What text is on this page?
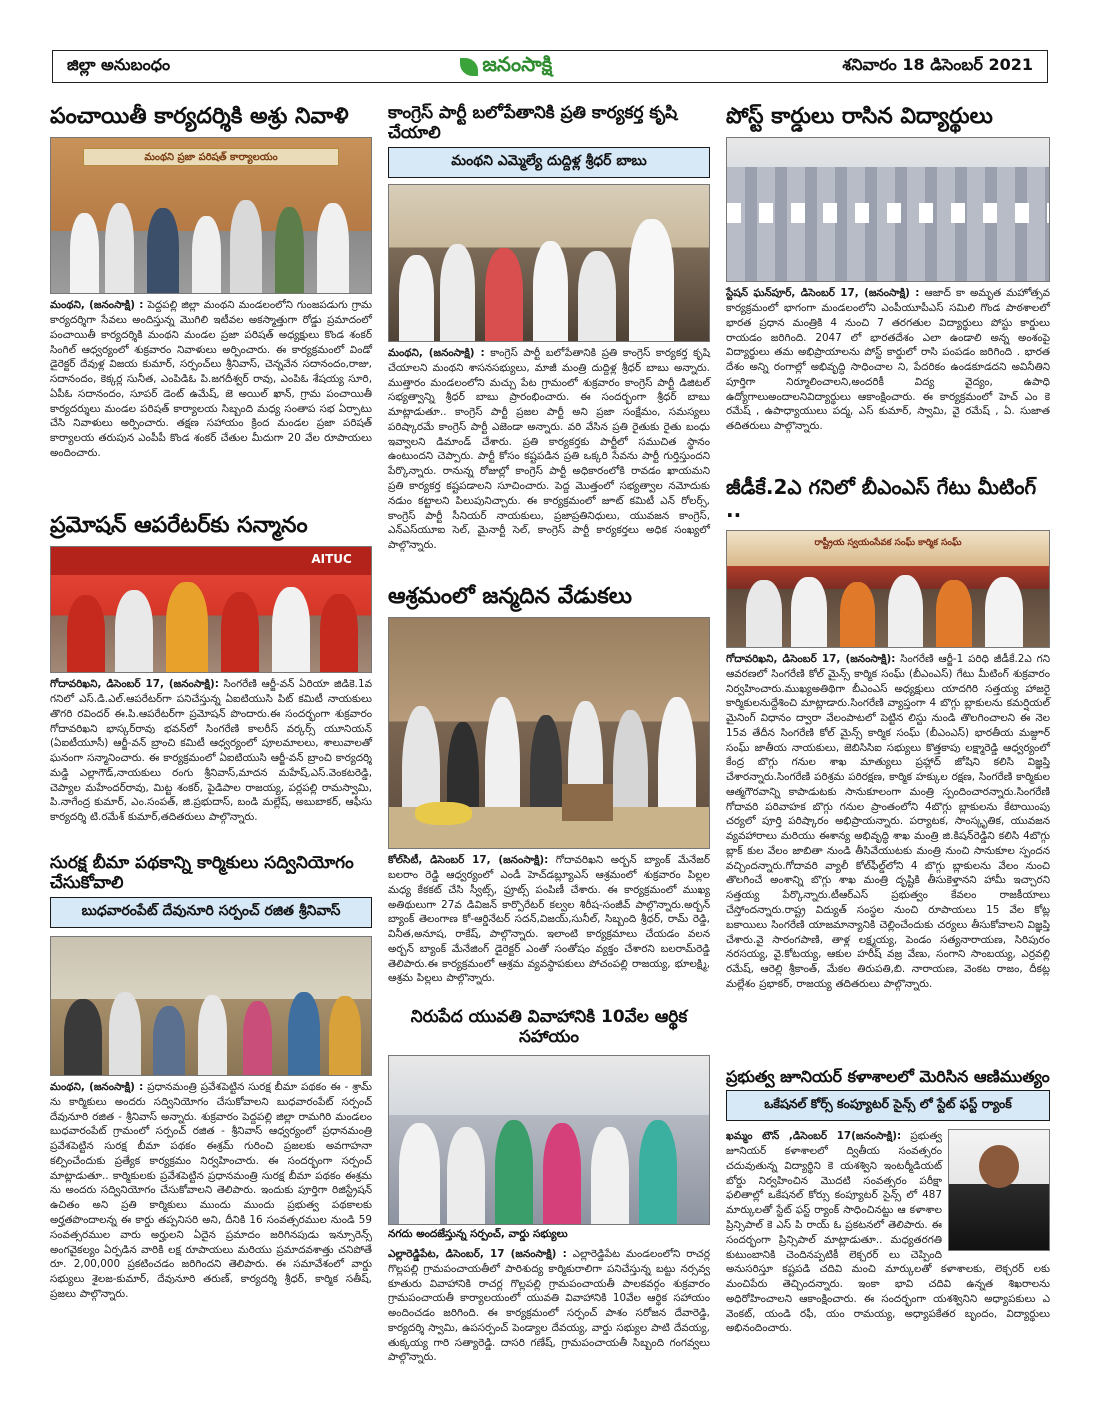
జిల్లా అనుబంధం	జనంసాక్షి	శనివారం 18 డిసెంబర్ 2021
పంచాయితీ కార్యదర్శికి అశ్రు నివాళి
మంథని ప్రజా పరిషత్ కార్యాలయం
మంథని, (జనంసాక్షి) : పెద్దపల్లి జిల్లా మంథని మండలంలోని గుంజపడుగు గ్రామ కార్యదర్శిగా సేవలు అందిస్తున్న మొగిలి ఇటీవల అకస్మాత్తుగా రోడ్డు ప్రమాదంలో పంచాయితీ కార్యదర్శికి మంథని మండల ప్రజా పరిషత్ అధ్యక్షులు కొండ శంకర్ సింగిల్ ఆధ్వర్యంలో శుక్రవారం నివాళులు అర్పించారు. ఈ కార్యక్రమంలో విండో డైరెక్టర్ దేవుళ్ల విజయ కుమార్, సర్పంచ్‌లు శ్రీనివాస్, చెన్నవేన సదానందం,రాజు, సదానందం, కెక్కర్ల సునీత, ఎంపిడిఓ పి.జగదీశ్వర్ రావు, ఎంపిఓ శేషయ్య సూరి, ఏపీఓ సదానందం, సూపర్ డెంట్ ఉమేష్, జె అయిల్ ఖాన్, గ్రామ పంచాయితీ కార్యదర్శులు మండల పరిషత్ కార్యాలయ సిబ్బంది మధ్య సంతాప సభ ఏర్పాటు చేసి నివాళులు అర్పించారు. తక్షణ సహాయం క్రింద మండల ప్రజా పరిషత్ కార్యాలయ తరుపున ఎంపీపీ కొండ శంకర్ చేతుల మీదుగా 20 వేల రూపాయలు అందించారు.
ప్రమోషన్ ఆపరేటర్‌కు సన్మానం
AITUC
గోదావరిఖని, డిసెంబర్ 17, (జనంసాక్షి): సింగరేణి ఆర్జీ-వన్ ఏరియా జిడికె.1వ గనిలో ఎస్.డి.ఎల్.ఆపరేటర్‌గా పనిచేస్తున్న ఏఐటియుసి పిట్ కమిటీ నాయకులు తొగరి రవిందర్ ఈ.పి.ఆపరేటర్‌గా ప్రమోషన్ పొందారు.ఈ సందర్భంగా శుక్రవారం గోదావరిఖని భాస్కర్‌రావు భవన్‌లో సింగరేణి కాలరీస్ వర్కర్స్ యూనియన్ (ఏఐటీయూసీ) ఆర్జీ-వన్ బ్రాంచి కమిటీ ఆధ్వర్యంలో పూలమాలలు, శాలువాలతో ఘనంగా సన్మానించారు. ఈ కార్యక్రమంలో ఏఐటియుసి ఆర్జీ-వన్ బ్రాంచి కార్యదర్శి మడ్డి ఎల్లాగౌడ్,నాయకులు రంగు శ్రీనివాస్,మాదన మహేష్,ఎస్.వెంకటరెడ్డి, చెప్యాల మహేందర్‌రావు, మిట్ట శంకర్, పైడిపాల రాజయ్య, పర్లపల్లి రామస్వామి, పి.నాగేంద్ర కుమార్, ఎం.సంపత్, జి.ప్రభుదాస్, బండి మల్లేష్, అబుబాకర్, ఆఫీసు కార్యదర్శి టి.రమేశ్ కుమార్,తదితరులు పాల్గొన్నారు.
సురక్ష బీమా పథకాన్ని కార్మికులు సద్వినియోగం చేసుకోవాలి
బుధవారంపేట్ దేవునూరి సర్పంచ్ రజిత శ్రీనివాస్
మంథని, (జనంసాక్షి) : ప్రధానమంత్రి ప్రవేశపెట్టిన సురక్ష బీమా పథకం ఈ - శ్రామ్ ను కార్మికులు అందరు సద్వినియోగం చేసుకోవాలని బుధవారంపేట్ సర్పంచ్ దేవునూరి రజిత - శ్రీనివాస్ అన్నారు. శుక్రవారం పెద్దపల్లి జిల్లా రామగిరి మండలం బుధవారంపేట్ గ్రామంలో సర్పంచ్ రజిత - శ్రీనివాస్ ఆధ్వర్యంలో ప్రధానమంత్రి ప్రవేశపెట్టిన సురక్ష బీమా పథకం ఈశ్రమ్ గురించి ప్రజలకు అవగాహనా కల్పించేందుకు ప్రత్యేక కార్యక్రమం నిర్వహించారు. ఈ సందర్భంగా సర్పంచ్ మాట్లాడుతూ.. కార్మికులకు ప్రవేశపెట్టిన ప్రధానమంత్రి సురక్ష బీమా పథకం ఈశ్రమ ను అందరు సద్వినియోగం చేసుకోవాలని తెలిపారు. ఇందుకు పూర్తిగా రిజిస్ట్రేషన్ ఉచితం అని ప్రతి కార్మికులు ముందు ముందు ప్రభుత్వ పథకాలకు అర్హతపొందాలన్న ఈ కార్డు తప్పనిసరి అని, దీనికి 16 సంవత్సరముల నుండి 59 సంవత్సరముల వారు అర్హులని ఏదైన ప్రమాదం జరిగినపుడు ఇన్సూరెన్స్ అంగవైకల్యం ఏర్పడిన వారికి లక్ష రూపాయలు మరియు ప్రమాదవశాత్తు చనిపోతే రూ. 2,00,000 ప్రకటించడం జరిగిందని తెలిపారు. ఈ సమావేశంలో వార్డు సభ్యులు శైలజ-కుమార్, దేవునూరి తరుణ్, కార్యదర్శి శ్రీధర్, కార్మిక సతీష్, ప్రజలు పాల్గొన్నారు.
కాంగ్రెస్ పార్టీ బలోపేతానికి ప్రతి కార్యకర్త కృషి చేయాలి
మంథని ఎమ్మెల్యే దుద్దిళ్ల శ్రీధర్ బాబు
మంథని, (జనంసాక్షి) : కాంగ్రెస్ పార్టీ బలోపేతానికి ప్రతి కాంగ్రెస్ కార్యకర్త కృషి చేయాలని మంథని శాసనసభ్యులు, మాజీ మంత్రి దుద్దిళ్ల శ్రీధర్ బాబు అన్నారు. ముత్తారం మండలంలోని మచ్చు పేట గ్రామంలో శుక్రవారం కాంగ్రెస్ పార్టీ డిజిటల్ సభ్యత్వాన్ని శ్రీధర్ బాబు ప్రారంభించారు. ఈ సందర్భంగా శ్రీధర్ బాబు మాట్లాడుతూ.. కాంగ్రెస్ పార్టీ ప్రజల పార్టీ అని ప్రజా సంక్షేమం, సమస్యలు పరిష్కారమే కాంగ్రెస్ పార్టీ ఎజెండా అన్నారు. వరి వేసిన ప్రతి రైతుకు రైతు బంధు ఇవ్వాలని డిమాండ్ చేశారు. ప్రతి కార్యకర్తకు పార్టీలో సముచిత స్థానం ఉంటుందని చెప్పారు. పార్టీ కోసం కష్టపడిన ప్రతి ఒక్కరి సేవను పార్టీ గుర్తిస్తుందని పేర్కొన్నారు. రానున్న రోజుల్లో కాంగ్రెస్ పార్టీ అధికారంలోకి రావడం ఖాయమని ప్రతి కార్యకర్త కష్టపడాలని సూచించారు. పెద్ద మొత్తంలో సభ్యత్వాల నమోదుకు నడుం కట్టాలని పిలుపునిచ్చారు. ఈ కార్యక్రమంలో జూట్ కమిటీ ఎన్ రోలర్స్, కాంగ్రెస్ పార్టీ సీనియర్ నాయకులు, ప్రజాప్రతినిధులు, యువజన కాంగ్రెస్, ఎన్ఎస్‌యూఐ సెల్, మైనార్టీ సెల్, కాంగ్రెస్ పార్టీ కార్యకర్తలు అధిక సంఖ్యలో పాల్గొన్నారు.
ఆశ్రమంలో జన్మదిన వేడుకలు
కోల్‌సిటీ, డిసెంబర్ 17, (జనంసాక్షి): గోదావరిఖని అర్బన్ బ్యాంక్ మేనేజర్ బలరాం రెడ్డి ఆధ్వర్యంలో ఎండీ హెచ్‌డబ్ల్యూఎస్ ఆశ్రమంలో శుక్రవారం పిల్లల మధ్య కేకకట్ చేసి స్వీట్స్, ఫ్రూట్స్ పంపిణీ చేశారు. ఈ కార్యక్రమంలో ముఖ్య అతిథులుగా 27వ డివిజన్ కార్పొరేటర్ కల్వల శిరీష-సంజీవ్ పాల్గొన్నారు.అర్బన్ బ్యాంక్ తెలంగాణ కో-ఆర్డినేటర్ సదన్,విజయ్,సునీల్, సిబ్బంది శ్రీధర్, రామ్ రెడ్డి, వినీత,అనూష, రాకేష్, పాల్గొన్నారు. ఇలాంటి కార్యక్రమాలు చేయడం వలన అర్బన్ బ్యాంక్ మేనేజింగ్ డైరెక్టర్ ఎంతో సంతోషం వ్యక్తం చేశారని బలరామ్‌రెడ్డి తెలిపారు.ఈ కార్యక్రమంలో ఆశ్రమ వ్యవస్థాపకులు పోచంపల్లి రాజయ్య, భూలక్ష్మి, ఆశ్రమ పిల్లలు పాల్గొన్నారు.
నిరుపేద యువతి వివాహానికి 10వేల ఆర్థిక సహాయం
నగదు అందజేస్తున్న సర్పంచ్, వార్డు సభ్యులు
ఎల్లారెడ్డిపేట, డిసెంబర్, 17 (జనంసాక్షి) : ఎల్లారెడ్డిపేట మండలంలోని రాచర్ల గొల్లపల్లి గ్రామపంచాయతీలో పారిశుద్య కార్మికురాలిగా పనిచేస్తున్న బట్టు నర్సవ్వ కూతురు వివాహానికి రాచర్ల గొల్లపల్లి గ్రామపంచాయతీ పాలకవర్గం శుక్రవారం గ్రామపంచాయతీ కార్యాలయంలో యువతి వివాహానికి 10వేల ఆర్థిక సహాయం అందించడం జరిగింది. ఈ కార్యక్రమంలో సర్పంచ్ పాశం సరోజన దేవారెడ్డి, కార్యదర్శి స్వామి, ఉపసర్పంచ్ పెండ్యాల దేవయ్య, వార్డు సభ్యుల పాటి దేవయ్య, తుక్కయ్య గారి సత్యారెడ్డి. దాసరి గణేష్, గ్రామపంచాయతీ సిబ్బంది గంగవ్వలు పాల్గొన్నారు.
పోస్ట్ కార్డులు రాసిన విద్యార్థులు
స్టేషన్ ఘన్‌పూర్, డిసెంబర్ 17, (జనంసాక్షి) : ఆజాద్ కా అమృత మహోత్సవ కార్యక్రమంలో భాగంగా మండలంలోని ఎంపీయూపీఎస్ సమిలి గొండ పాఠశాలలో భారత ప్రధాన మంత్రికి 4 నుంచి 7 తరగతుల విద్యార్థులు పోస్టు కార్డులు రాయడం జరిగింది. 2047 లో భారతదేశం ఎలా ఉండాలి అన్న అంశంపై విద్యార్థులు తమ అభిప్రాయాలను పోస్ట్ కార్డులో రాసి పంపడం జరిగింది . భారత దేశం అన్ని రంగాల్లో అభివృద్ధి సాధించాల ని, పేదరికం ఉండకూడదని అవినీతిని పూర్తిగా నిర్మూలించాలని,అందరికీ విద్య వైద్యం, ఉపాధి ఉద్యోగాలుఅందాలనివిద్యార్థులు ఆకాంక్షించారు. ఈ కార్యక్రమంలో హెచ్ ఎం కె రమేష్ , ఉపాధ్యాయులు పద్మ, ఎస్ కుమార్, స్వామి, వై రమేష్ , ఏ. సుజాత తదితరులు పాల్గొన్నారు.
జీడీకే.2ఎ గనిలో బీఎంఎస్ గేటు మీటింగ్ ..
రాష్ట్రీయ స్వయంసేవక సంఘ్ కార్మిక సంఘ్
గోదావరిఖని, డిసెంబర్ 17, (జనంసాక్షి): సింగరేణి ఆర్జీ-1 పరిధి జీడీకే.2ఎ గని ఆవరణలో సింగరేణి కోల్ మైన్స్ కార్మిక సంఘ్ (బీఎంఎస్) గేటు మీటింగ్ శుక్రవారం నిర్వహించారు.ముఖ్యఅతిథిగా బీఎంఎస్ అధ్యక్షులు యాదగిరి సత్తయ్య హాజరై కార్మికులనుద్దేశించి మాట్లాడారు.సింగరేణి వ్యాప్తంగా 4 బొగ్గు బ్లాకులను కమర్షియల్ మైనింగ్ విధానం ద్వారా వేలంపాటలో పెట్టిన లిస్టు నుండి తొలగించాలని ఈ నెల 15వ తేదీన సింగరేణి కోల్ మైన్స్ కార్మిక సంఘ్ (బీఎంఎస్) భారతీయ మజ్దూర్ సంఘ్ జాతీయ నాయకులు, జెబిసిసిఐ సభ్యులు కొత్తకాపు లక్ష్మారెడ్డి ఆధ్వర్యంలో కేంద్ర బొగ్గు గనుల శాఖ మాత్యులు ప్రహ్లాద్ జోషిని కలిసి విజ్ఞప్తి చేశారన్నారు.సింగరేణి పరిశ్రమ పరిరక్షణ, కార్మిక హక్కుల రక్షణ, సింగరేణి కార్మికుల ఆత్మగౌరవాన్ని కాపాడుటకు సానుకూలంగా మంత్రి స్పందించారన్నారు.సింగరేణి గోదావరి పరివాహక బొగ్గు గనుల ప్రాంతంలోని 4బొగ్గు బ్లాకులను కేటాయింపు చర్యలో పూర్తి పరిష్కారం అభిప్రాయన్నారు. పర్యాటక, సాంస్కృతిక, యువజన వ్యవహారాలు మరియు ఈశాన్య అభివృద్ధి శాఖ మంత్రి జి.కిషన్‌రెడ్డిని కలిసి 4బొగ్గు బ్లాక్ కుల వేలం జాబితా నుండి తీసివేయుటకు మంత్రి నుంచి సానుకూల స్పందన వచ్చిందన్నారు.గోదావరి వ్యాలీ కోల్‌ఫీల్డ్‌లోని 4 బొగ్గు బ్లాకులను వేలం నుంచి తొలగించే అంశాన్ని బొగ్గు శాఖ మంత్రి దృష్టికి తీసుకెళ్తానని హామీ ఇచ్చారని సత్తయ్య పేర్కొన్నారు.టీఆర్ఎస్ ప్రభుత్వం కేవలం రాజకీయాలు చేస్తోందన్నారు.రాష్ట్ర విద్యుత్ సంస్థల నుంచి రూపాయలు 15 వేల కోట్ల బకాయిలు సింగరేణి యాజమాన్యానికి చెల్లించేందుకు చర్యలు తీసుకోవాలని విజ్ఞప్తి చేశారు.వై సారంగపాణి, తాళ్ల లక్ష్మయ్య, పెండం సత్యనారాయణ, సిరిపురం నరసయ్య, వై.కోటయ్య, ఆకుల హరీష్ వజ్ర వేణు, సంగాని సాంబయ్య, ఎర్రవల్లి రమేష్, ఆరెల్లి శ్రీకాంత్, మేకల తిరుపతి,బి. నారాయణ, వెంకట రాజం, దీకట్ల మల్లేశం ప్రభాకర్, రాజయ్య తదితరులు పాల్గొన్నారు.
ప్రభుత్వ జూనియర్ కళాశాలలో మెరిసిన ఆణిముత్యం
ఒకేషనల్ కోర్స్ కంప్యూటర్ సైన్స్ లో స్టేట్ ఫస్ట్ ర్యాంక్
ఖమ్మం టౌన్ ,డిసెంబర్ 17(జనంసాక్షి): ప్రభుత్వ జూనియర్ కళాశాలలో ద్వితీయ సంవత్సరం చదువుతున్న విద్యార్థిని కె యశశ్విని ఇంటర్మీడియట్ బోర్డు నిర్వహించిన మొదటి సంవత్సరం పరీక్షా ఫలితాల్లో ఒకేషనల్ కోర్సు కంప్యూటర్ సైన్స్ లో 487 మార్కులతో స్టేట్ ఫస్ట్ ర్యాంక్ సాధించినట్టు ఆ కళాశాల ప్రిన్సిపాల్ కె ఎస్ పి రాయ్ ఓ ప్రకటనలో తెలిపారు. ఈ సందర్భంగా ప్రిన్సిపాల్ మాట్లాడుతూ.. మధ్యతరగతి కుటుంబానికి చెందినప్పటికీ లెక్చరర్ లు చెప్పింది అనుసరిస్తూ కష్టపడి చదివి మంచి మార్కులతో కళాశాలకు, లెక్చరర్ లకు మంచిపేరు తెచ్చిందన్నారు. ఇంకా భావి చదివి ఉన్నత శిఖరాలను అధిరోహించాలని ఆకాంక్షించారు. ఈ సందర్భంగా యశశ్వినిని అధ్యాపకులు ఎ వెంకట్, యండి రఫీ, యం రామయ్య, అధ్యాపకేతర బృందం, విద్యార్థులు అభినందించారు.
